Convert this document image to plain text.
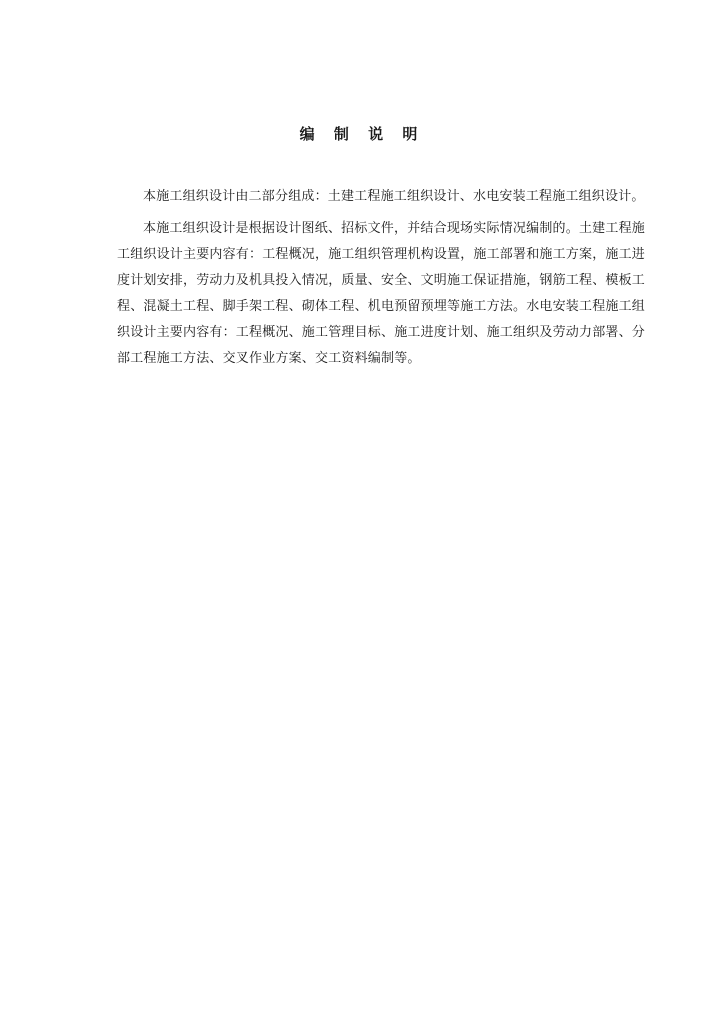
编 制 说 明

本施工组织设计由二部分组成：土建工程施工组织设计、水电安装工程施工组织设计。

本施工组织设计是根据设计图纸、招标文件，并结合现场实际情况编制的。土建工程施工组织设计主要内容有：工程概况，施工组织管理机构设置，施工部署和施工方案，施工进度计划安排，劳动力及机具投入情况，质量、安全、文明施工保证措施，钢筋工程、模板工程、混凝土工程、脚手架工程、砌体工程、机电预留预埋等施工方法。水电安装工程施工组织设计主要内容有：工程概况、施工管理目标、施工进度计划、施工组织及劳动力部署、分部工程施工方法、交叉作业方案、交工资料编制等。
